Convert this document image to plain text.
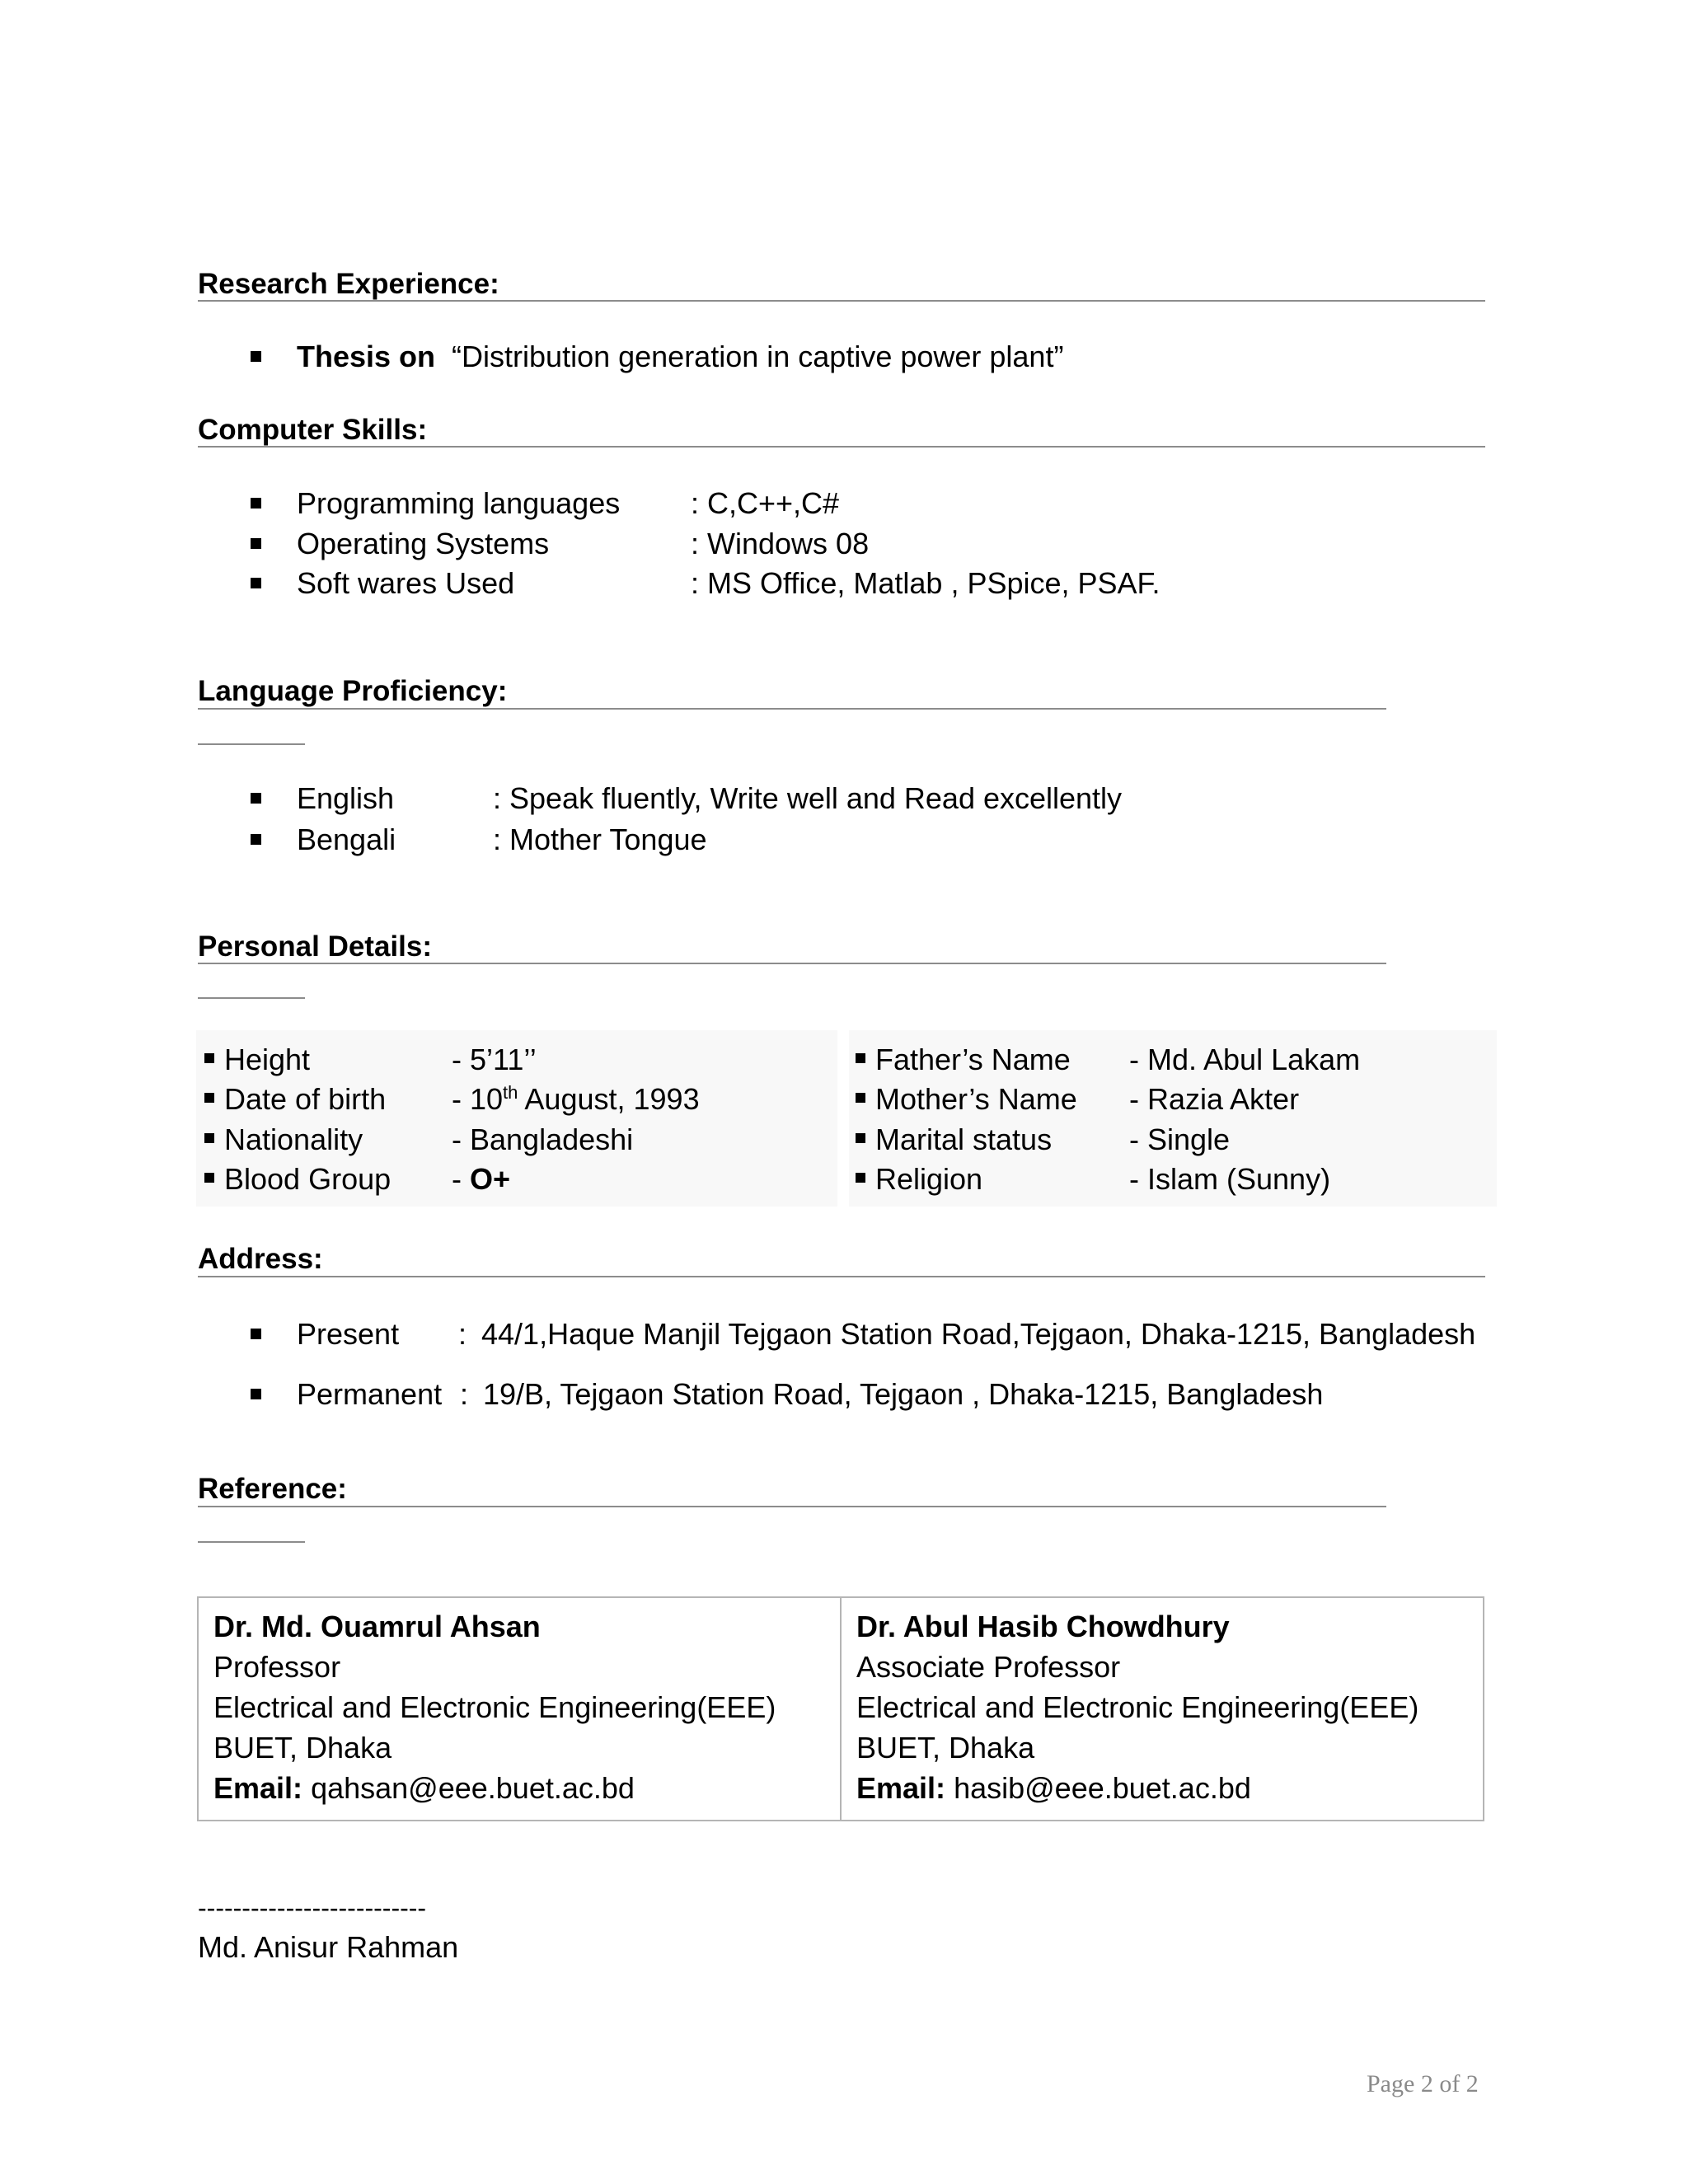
Research Experience:
Thesis on “Distribution generation in captive power plant”
Computer Skills:
Programming languages : C,C++,C#
Operating Systems	: Windows 08
Soft wares Used	: MS Office, Matlab , PSpice, PSAF.
Language Proficiency:
English	: Speak fluently, Write well and Read excellently
Bengali	: Mother Tongue
Personal Details:
Height	- 5’11’’
Date of birth - 10th August, 1993
Nationality	- Bangladeshi
Blood Group - O+
Father’s Name - Md. Abul Lakam
Mother’s Name - Razia Akter
Marital status	- Single
Religion	- Islam (Sunny)
Address:
Present : 44/1,Haque Manjil Tejgaon Station Road,Tejgaon, Dhaka-1215, Bangladesh
Permanent : 19/B, Tejgaon Station Road, Tejgaon , Dhaka-1215, Bangladesh
Reference:
Dr. Md. Ouamrul Ahsan
Professor
Electrical and Electronic Engineering(EEE)
BUET, Dhaka
Email: qahsan@eee.buet.ac.bd

Dr. Abul Hasib Chowdhury
Associate Professor
Electrical and Electronic Engineering(EEE)
BUET, Dhaka
Email: hasib@eee.buet.ac.bd
--------------------------
Md. Anisur Rahman
Page 2 of 2
